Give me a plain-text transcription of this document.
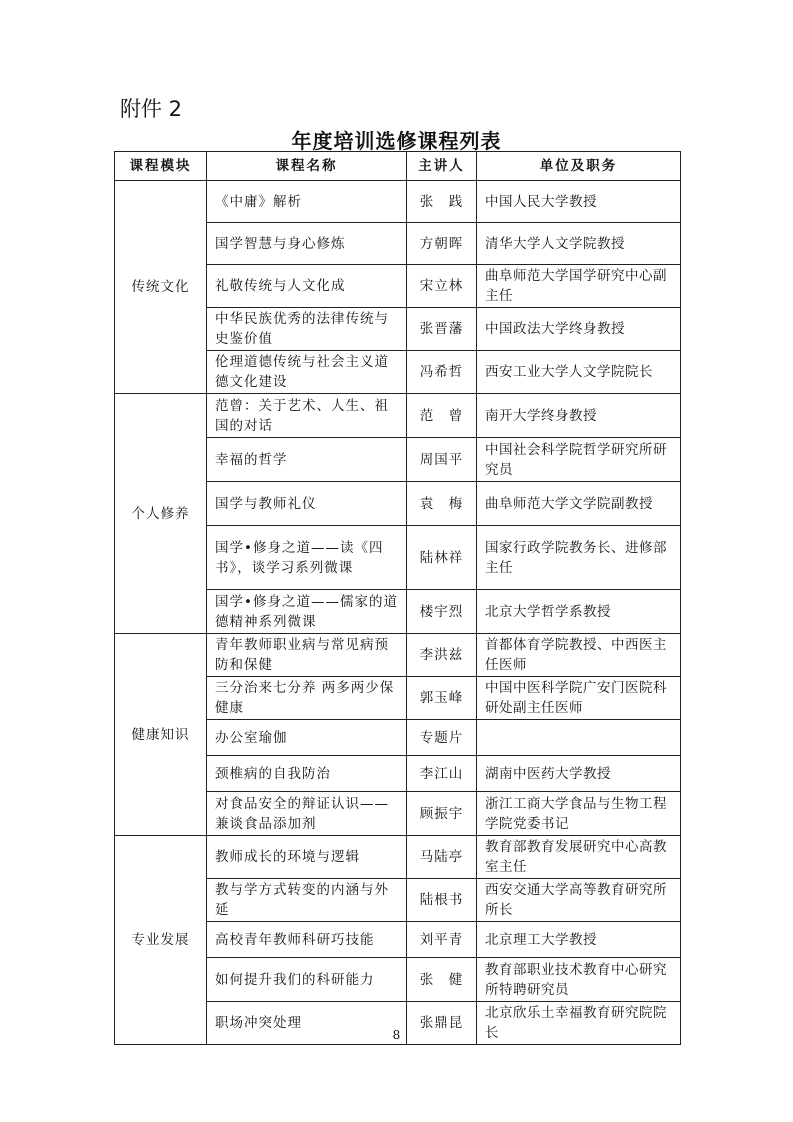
附件 2
年度培训选修课程列表
课程模块	课程名称	主讲人	单位及职务
传统文化	《中庸》解析	张　践	中国人民大学教授
	国学智慧与身心修炼	方朝晖	清华大学人文学院教授
	礼敬传统与人文化成	宋立林	曲阜师范大学国学研究中心副主任
	中华民族优秀的法律传统与史鉴价值	张晋藩	中国政法大学终身教授
	伦理道德传统与社会主义道德文化建设	冯希哲	西安工业大学人文学院院长
个人修养	范曾：关于艺术、人生、祖国的对话	范　曾	南开大学终身教授
	幸福的哲学	周国平	中国社会科学院哲学研究所研究员
	国学与教师礼仪	袁　梅	曲阜师范大学文学院副教授
	国学•修身之道——读《四书》，谈学习系列微课	陆林祥	国家行政学院教务长、进修部主任
	国学•修身之道——儒家的道德精神系列微课	楼宇烈	北京大学哲学系教授
健康知识	青年教师职业病与常见病预防和保健	李洪兹	首都体育学院教授、中西医主任医师
	三分治来七分养 两多两少保健康	郭玉峰	中国中医科学院广安门医院科研处副主任医师
	办公室瑜伽	专题片	
	颈椎病的自我防治	李江山	湖南中医药大学教授
	对食品安全的辩证认识——兼谈食品添加剂	顾振宇	浙江工商大学食品与生物工程学院党委书记
专业发展	教师成长的环境与逻辑	马陆亭	教育部教育发展研究中心高教室主任
	教与学方式转变的内涵与外延	陆根书	西安交通大学高等教育研究所所长
	高校青年教师科研巧技能	刘平青	北京理工大学教授
	如何提升我们的科研能力	张　健	教育部职业技术教育中心研究所特聘研究员
	职场冲突处理	张鼎昆	北京欣乐土幸福教育研究院院长
8
